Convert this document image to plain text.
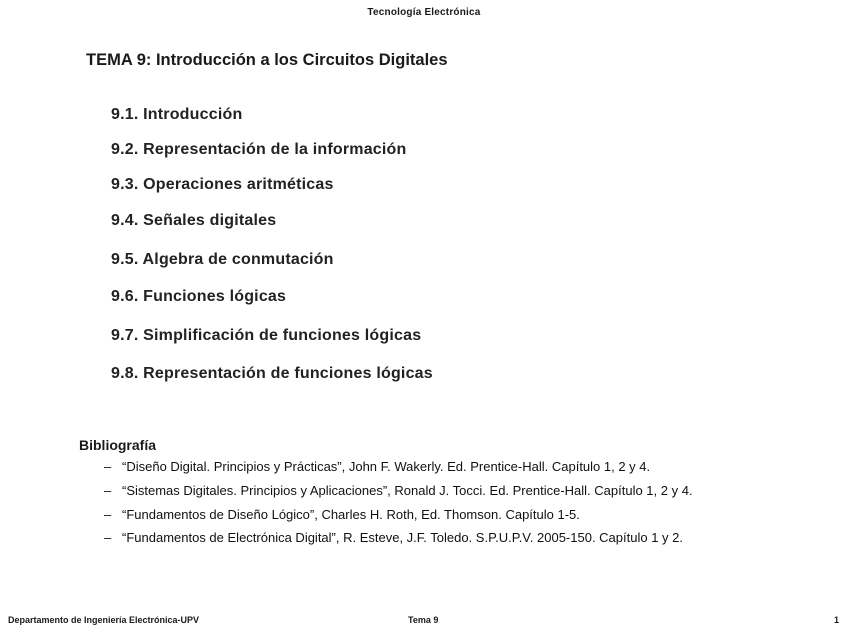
Tecnología Electrónica
TEMA 9: Introducción a los Circuitos Digitales
9.1. Introducción
9.2. Representación de la información
9.3. Operaciones aritméticas
9.4. Señales digitales
9.5. Algebra de conmutación
9.6. Funciones lógicas
9.7. Simplificación de funciones lógicas
9.8. Representación de funciones lógicas
Bibliografía
– “Diseño Digital. Principios y Prácticas”, John F. Wakerly. Ed. Prentice-Hall. Capítulo 1, 2 y 4.
– “Sistemas Digitales. Principios y Aplicaciones”, Ronald J. Tocci. Ed. Prentice-Hall. Capítulo 1, 2 y 4.
– “Fundamentos de Diseño Lógico”, Charles H. Roth, Ed. Thomson. Capítulo 1-5.
– “Fundamentos de Electrónica Digital”, R. Esteve, J.F. Toledo. S.P.U.P.V. 2005-150. Capítulo 1 y 2.
Departamento de Ingeniería Electrónica-UPV	Tema 9	1
